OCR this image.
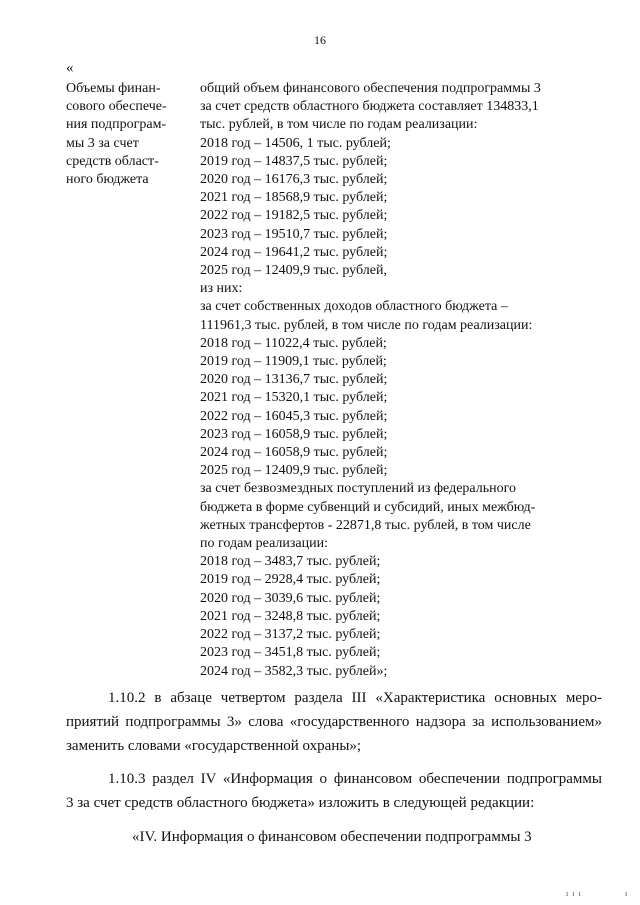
16
«
Объемы финан-
сового обеспече-
ния подпрограм-
мы 3 за счет
средств област-
ного бюджета
общий объем финансового обеспечения подпрограммы 3
за счет средств областного бюджета составляет 134833,1
тыс. рублей, в том числе по годам реализации:
2018 год – 14506, 1 тыс. рублей;
2019 год – 14837,5 тыс. рублей;
2020 год – 16176,3 тыс. рублей;
2021 год – 18568,9 тыс. рублей;
2022 год – 19182,5 тыс. рублей;
2023 год – 19510,7 тыс. рублей;
2024 год – 19641,2 тыс. рублей;
2025 год – 12409,9 тыс. рублей,
из них:
за счет собственных доходов областного бюджета –
111961,3 тыс. рублей, в том числе по годам реализации:
2018 год – 11022,4 тыс. рублей;
2019 год – 11909,1 тыс. рублей;
2020 год – 13136,7 тыс. рублей;
2021 год – 15320,1 тыс. рублей;
2022 год – 16045,3 тыс. рублей;
2023 год – 16058,9 тыс. рублей;
2024 год – 16058,9 тыс. рублей;
2025 год – 12409,9 тыс. рублей;
за счет безвозмездных поступлений из федерального
бюджета в форме субвенций и субсидий, иных межбюд-
жетных трансфертов - 22871,8 тыс. рублей, в том числе
по годам реализации:
2018 год – 3483,7 тыс. рублей;
2019 год – 2928,4 тыс. рублей;
2020 год – 3039,6 тыс. рублей;
2021 год – 3248,8 тыс. рублей;
2022 год – 3137,2 тыс. рублей;
2023 год – 3451,8 тыс. рублей;
2024 год – 3582,3 тыс. рублей»;
1.10.2 в абзаце четвертом раздела III «Характеристика основных меро-
приятий подпрограммы 3» слова «государственного надзора за использованием»
заменить словами «государственной охраны»;
1.10.3 раздел IV «Информация о финансовом обеспечении подпрограммы
3 за счет средств областного бюджета» изложить в следующей редакции:
«IV. Информация о финансовом обеспечении подпрограммы 3
ı ı ı	ı
